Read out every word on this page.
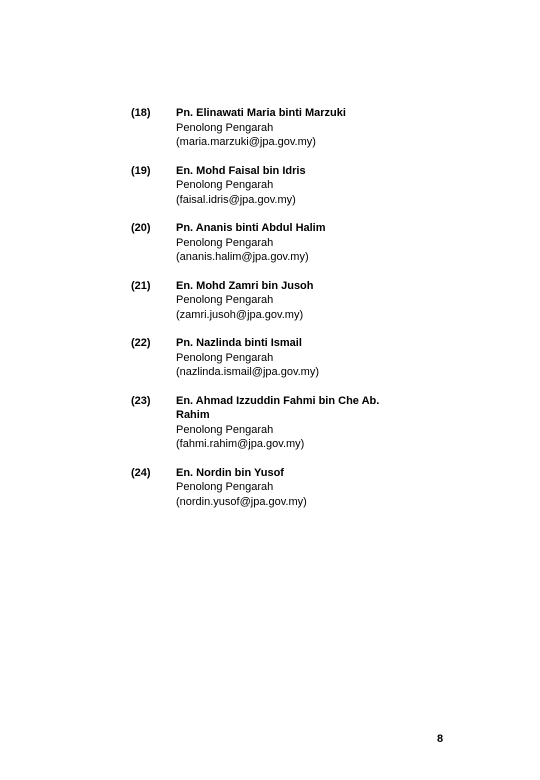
(18)	Pn. Elinawati Maria binti Marzuki
Penolong Pengarah
(maria.marzuki@jpa.gov.my)
(19)	En. Mohd Faisal bin Idris
Penolong Pengarah
(faisal.idris@jpa.gov.my)
(20)	Pn. Ananis binti Abdul Halim
Penolong Pengarah
(ananis.halim@jpa.gov.my)
(21)	En. Mohd Zamri bin Jusoh
Penolong Pengarah
(zamri.jusoh@jpa.gov.my)
(22)	Pn. Nazlinda binti Ismail
Penolong Pengarah
(nazlinda.ismail@jpa.gov.my)
(23)	En. Ahmad Izzuddin Fahmi bin Che Ab. Rahim
Penolong Pengarah
(fahmi.rahim@jpa.gov.my)
(24)	En. Nordin bin Yusof
Penolong Pengarah
(nordin.yusof@jpa.gov.my)
8
